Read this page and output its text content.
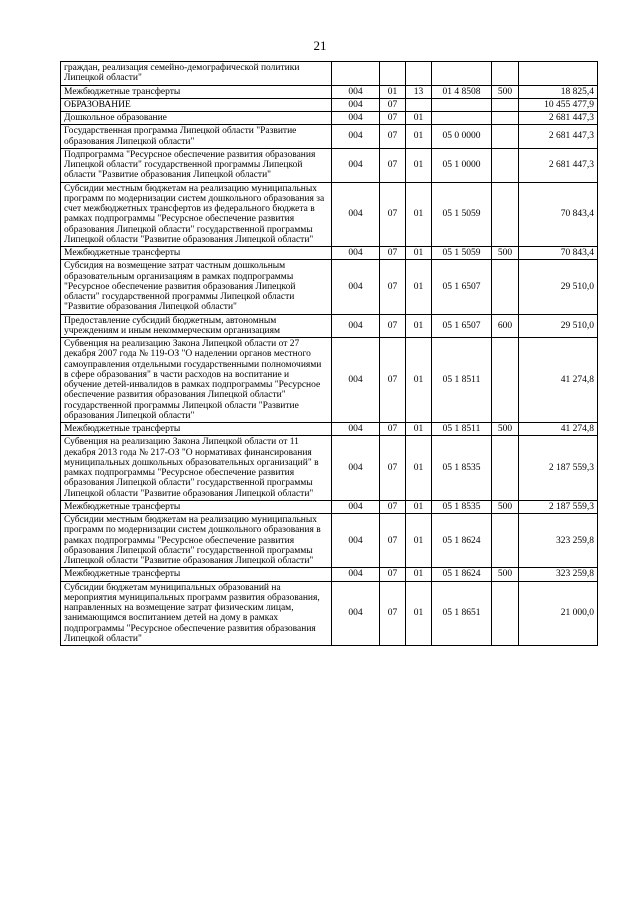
21
граждан, реализация семейно-демографической политики Липецкой области"						
Межбюджетные трансферты	004	01	13	01 4 8508	500	18 825,4
ОБРАЗОВАНИЕ	004	07				10 455 477,9
Дошкольное образование	004	07	01			2 681 447,3
Государственная программа Липецкой области "Развитие образования Липецкой области"	004	07	01	05 0 0000		2 681 447,3
Подпрограмма "Ресурсное обеспечение развития образования Липецкой области" государственной программы Липецкой области "Развитие образования Липецкой области"	004	07	01	05 1 0000		2 681 447,3
Субсидии местным бюджетам на реализацию муниципальных программ по модернизации систем дошкольного образования за счет межбюджетных трансфертов из федерального бюджета в рамках подпрограммы "Ресурсное обеспечение развития образования Липецкой области" государственной программы Липецкой области "Развитие образования Липецкой области"	004	07	01	05 1 5059		70 843,4
Межбюджетные трансферты	004	07	01	05 1 5059	500	70 843,4
Субсидия на возмещение затрат частным дошкольным образовательным организациям в рамках подпрограммы "Ресурсное обеспечение развития образования Липецкой области" государственной программы Липецкой области "Развитие образования Липецкой области"	004	07	01	05 1 6507		29 510,0
Предоставление субсидий бюджетным, автономным учреждениям и иным некоммерческим организациям	004	07	01	05 1 6507	600	29 510,0
Субвенция на реализацию Закона Липецкой области от 27 декабря 2007 года № 119-ОЗ "О наделении органов местного самоуправления отдельными государственными полномочиями в сфере образования" в части расходов на воспитание и обучение детей-инвалидов в рамках подпрограммы "Ресурсное обеспечение развития образования Липецкой области" государственной программы Липецкой области "Развитие образования Липецкой области"	004	07	01	05 1 8511		41 274,8
Межбюджетные трансферты	004	07	01	05 1 8511	500	41 274,8
Субвенция на реализацию Закона Липецкой области от 11 декабря 2013 года № 217-ОЗ "О нормативах финансирования муниципальных дошкольных образовательных организаций" в рамках подпрограммы "Ресурсное обеспечение развития образования Липецкой области" государственной программы Липецкой области "Развитие образования Липецкой области"	004	07	01	05 1 8535		2 187 559,3
Межбюджетные трансферты	004	07	01	05 1 8535	500	2 187 559,3
Субсидии местным бюджетам на реализацию муниципальных программ по модернизации систем дошкольного образования в рамках подпрограммы "Ресурсное обеспечение развития образования Липецкой области" государственной программы Липецкой области "Развитие образования Липецкой области"	004	07	01	05 1 8624		323 259,8
Межбюджетные трансферты	004	07	01	05 1 8624	500	323 259,8
Субсидии бюджетам муниципальных образований на мероприятия муниципальных программ развития образования, направленных на возмещение затрат физическим лицам, занимающимся воспитанием детей на дому в рамках подпрограммы "Ресурсное обеспечение развития образования Липецкой области"	004	07	01	05 1 8651		21 000,0
